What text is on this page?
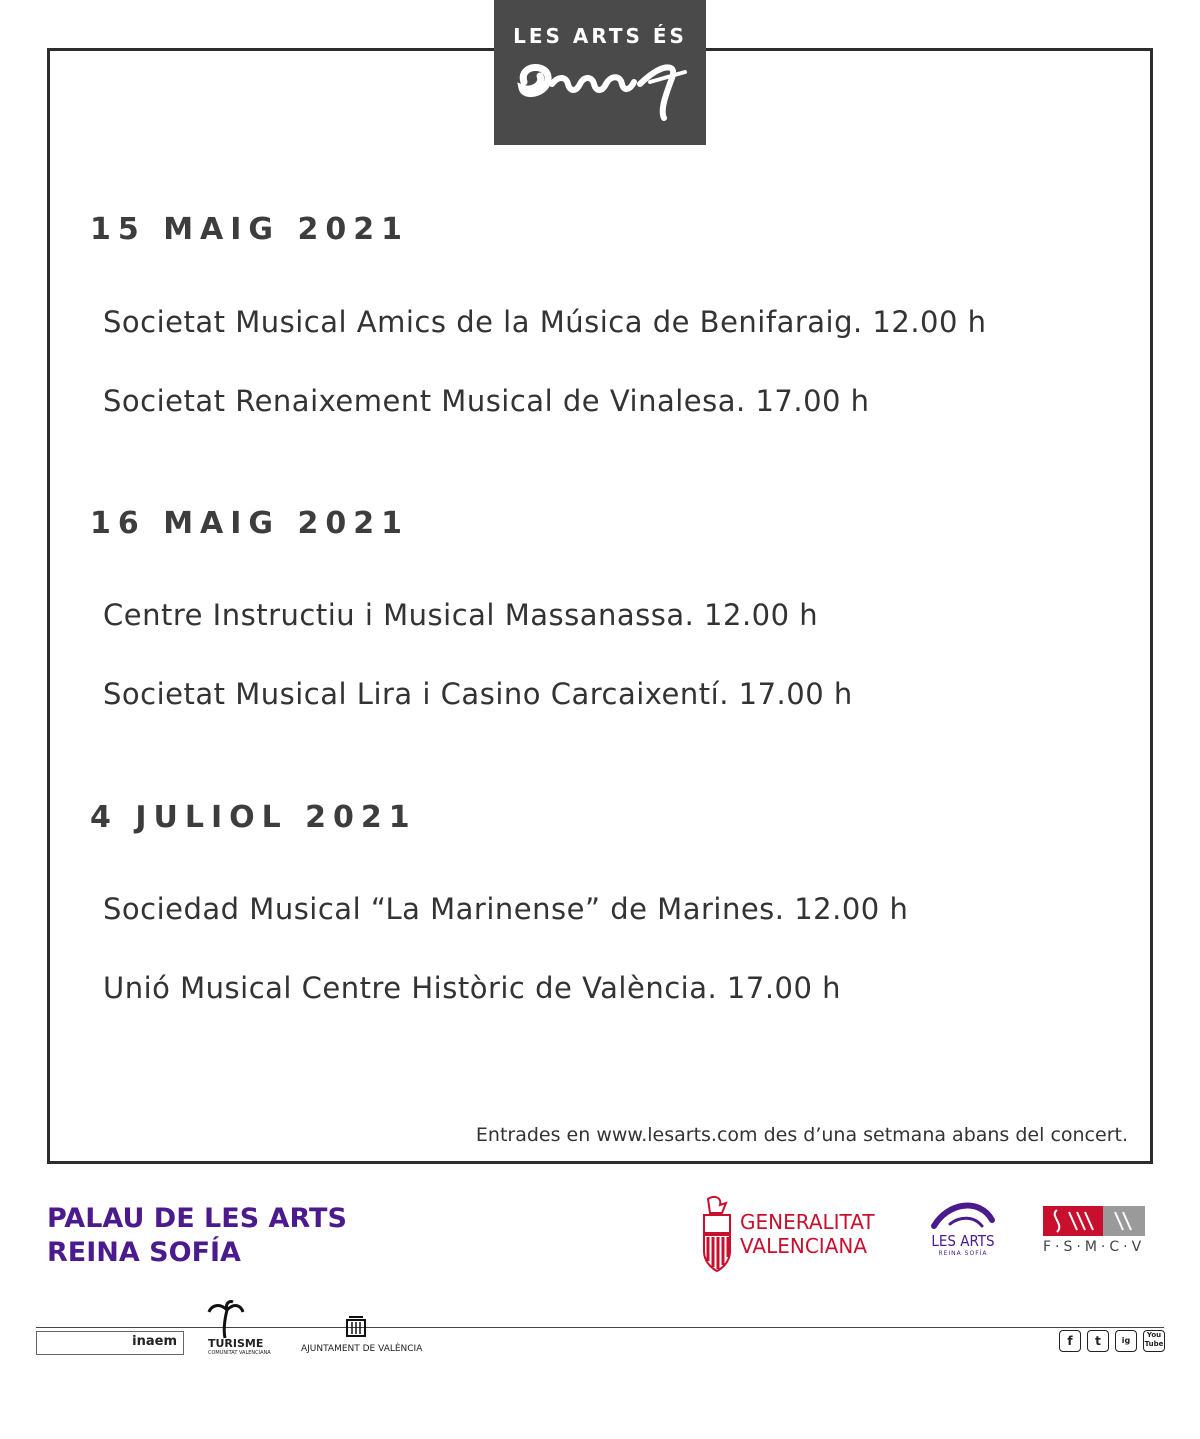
LES ARTS ÉS
15 MAIG 2021
Societat Musical Amics de la Música de Benifaraig. 12.00 h
Societat Renaixement Musical de Vinalesa. 17.00 h
16 MAIG 2021
Centre Instructiu i Musical Massanassa. 12.00 h
Societat Musical Lira i Casino Carcaixentí. 17.00 h
4 JULIOL 2021
Sociedad Musical “La Marinense” de Marines. 12.00 h
Unió Musical Centre Històric de València. 17.00 h
Entrades en www.lesarts.com des d’una setmana abans del concert.
PALAU DE LES ARTS
REINA SOFÍA
GENERALITAT
VALENCIANA	LES ARTS
REINA SOFÍA	F·S·M·C·V
inaem	TURISME
COMUNITAT VALENCIANA	AJUNTAMENT DE VALÈNCIA
f	t	ig
You Tube
